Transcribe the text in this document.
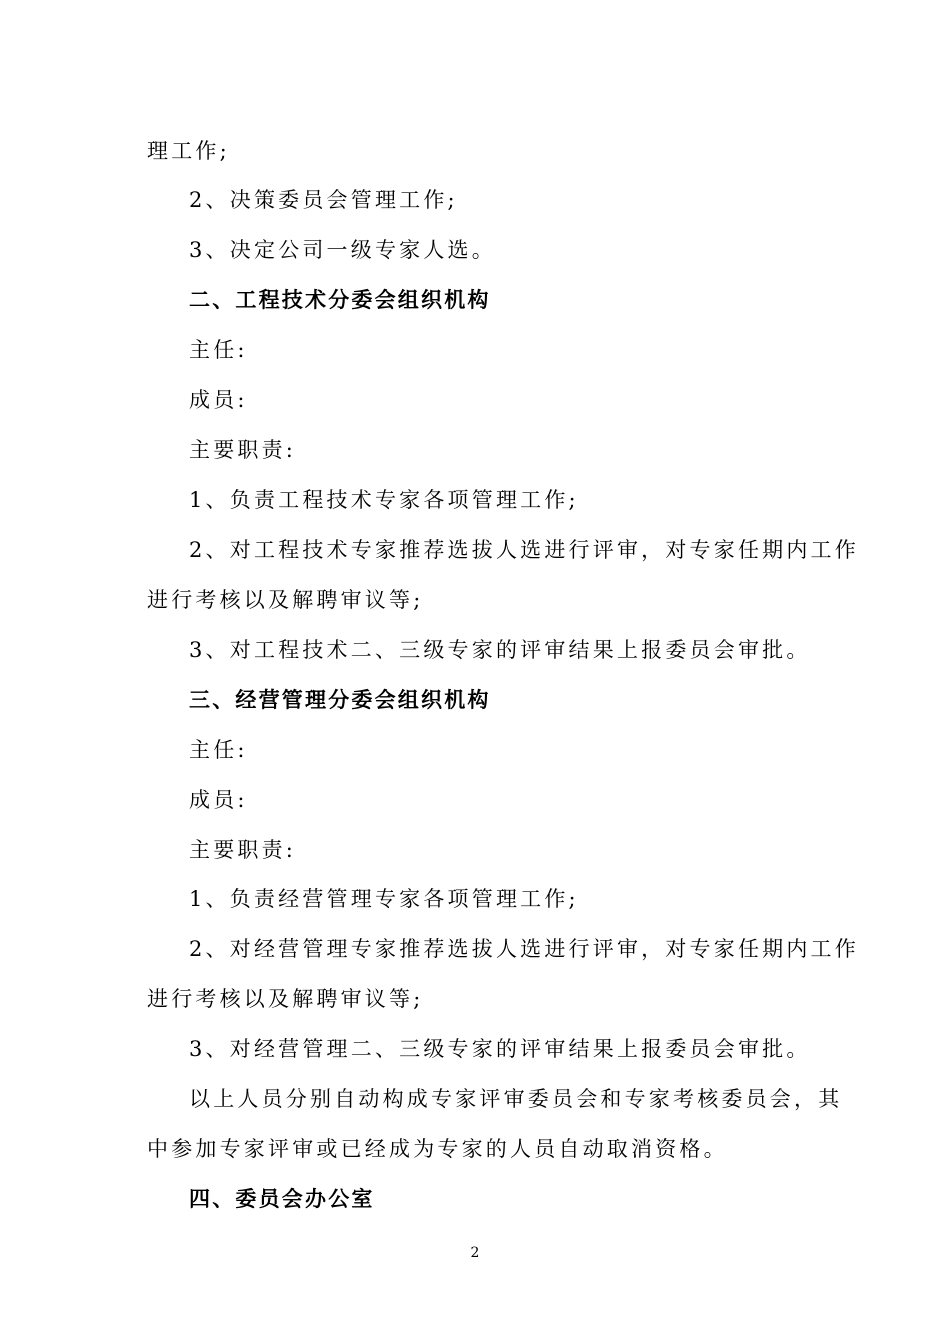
理工作;
2、决策委员会管理工作;
3、决定公司一级专家人选。
二、工程技术分委会组织机构
主任:
成员:
主要职责:
1、负责工程技术专家各项管理工作;
2、对工程技术专家推荐选拔人选进行评审，对专家任期内工作
进行考核以及解聘审议等;
3、对工程技术二、三级专家的评审结果上报委员会审批。
三、经营管理分委会组织机构
主任:
成员:
主要职责:
1、负责经营管理专家各项管理工作;
2、对经营管理专家推荐选拔人选进行评审，对专家任期内工作
进行考核以及解聘审议等;
3、对经营管理二、三级专家的评审结果上报委员会审批。
以上人员分别自动构成专家评审委员会和专家考核委员会，其
中参加专家评审或已经成为专家的人员自动取消资格。
四、委员会办公室
2
